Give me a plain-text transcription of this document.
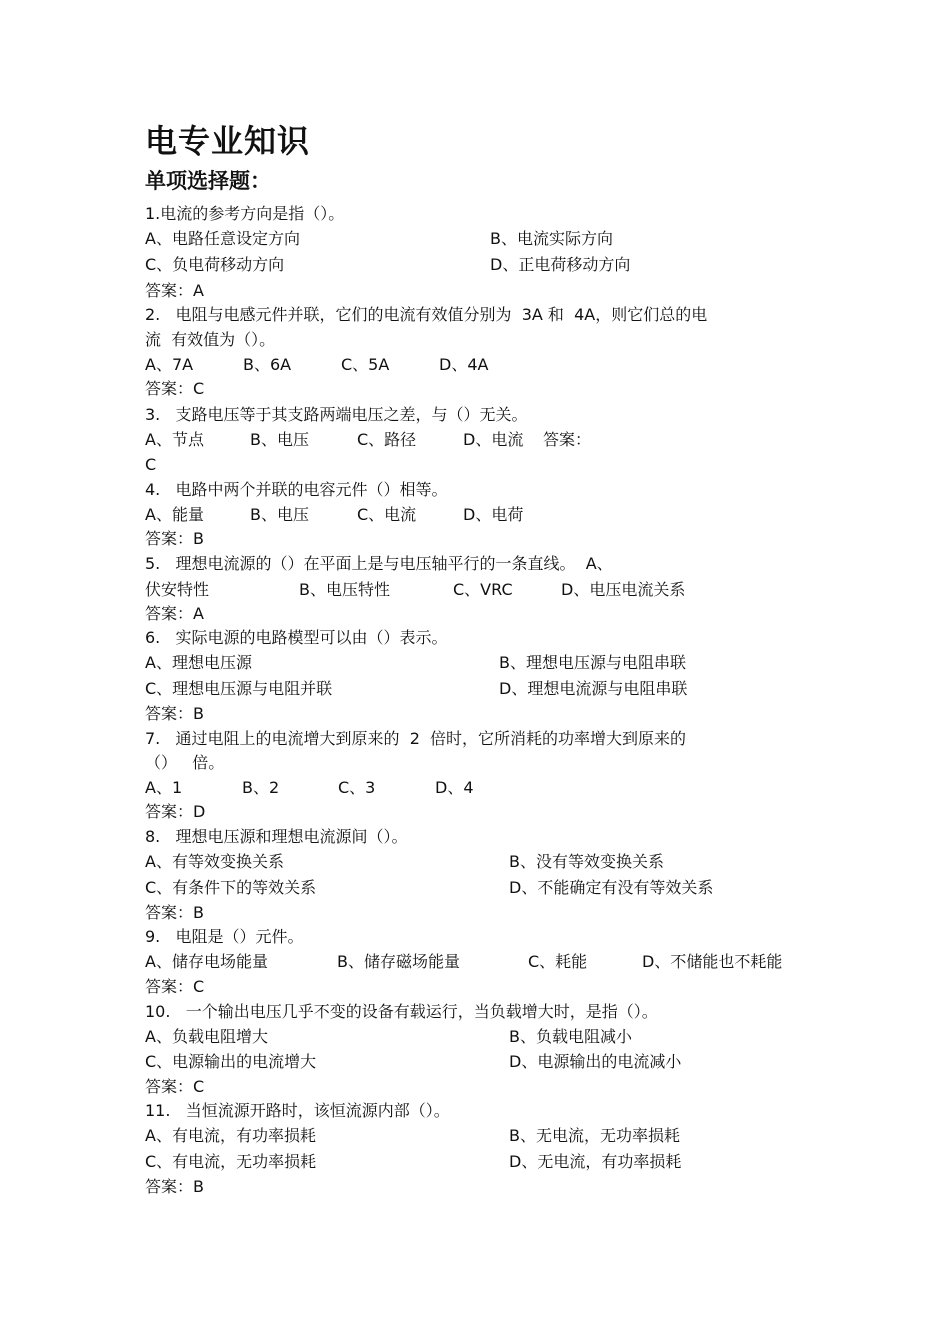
电专业知识
单项选择题：
1.电流的参考方向是指（）。
A、电路任意设定方向	B、电流实际方向
C、负电荷移动方向	D、正电荷移动方向
答案：A
2.   电阻与电感元件并联，它们的电流有效值分别为  3A 和  4A，则它们总的电
流  有效值为（）。
A、7A	B、6A	C、5A	D、4A
答案：C
3.   支路电压等于其支路两端电压之差，与（）无关。
A、节点	B、电压	C、路径	D、电流 答案：
C
4.   电路中两个并联的电容元件（）相等。
A、能量	B、电压	C、电流	D、电荷
答案：B
5.   理想电流源的（）在平面上是与电压轴平行的一条直线。  A、
伏安特性	B、电压特性	C、VRC	D、电压电流关系
答案：A
6.   实际电源的电路模型可以由（）表示。
A、理想电压源	B、理想电压源与电阻串联
C、理想电压源与电阻并联	D、理想电流源与电阻串联
答案：B
7.   通过电阻上的电流增大到原来的  2  倍时，它所消耗的功率增大到原来的
（）   倍。
A、1	B、2	C、3	D、4
答案：D
8.   理想电压源和理想电流源间（）。
A、有等效变换关系	B、没有等效变换关系
C、有条件下的等效关系	D、不能确定有没有等效关系
答案：B
9.   电阻是（）元件。
A、储存电场能量	B、储存磁场能量	C、耗能	D、不储能也不耗能
答案：C
10.   一个输出电压几乎不变的设备有载运行，当负载增大时，是指（）。
A、负载电阻增大	B、负载电阻减小
C、电源输出的电流增大	D、电源输出的电流减小
答案：C
11.   当恒流源开路时，该恒流源内部（）。
A、有电流，有功率损耗	B、无电流，无功率损耗
C、有电流，无功率损耗	D、无电流，有功率损耗
答案：B
